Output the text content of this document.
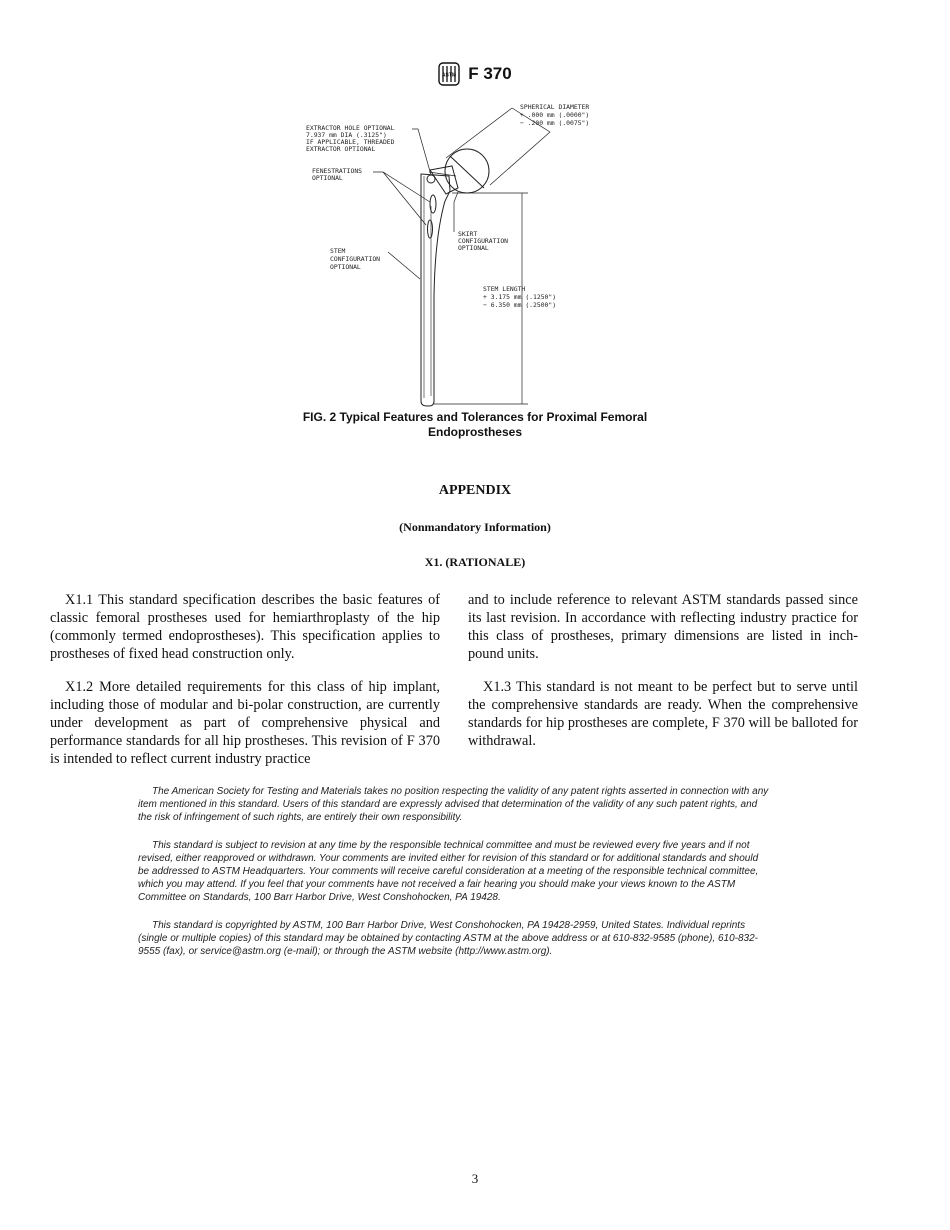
ASTM F 370
SPHERICAL DIAMETER
+ .000 mm (.0000")
− .200 mm (.0075")
EXTRACTOR HOLE OPTIONAL
7.937 mm DIA (.3125")
IF APPLICABLE, THREADED
EXTRACTOR OPTIONAL
FENESTRATIONS
OPTIONAL
SKIRT
CONFIGURATION
OPTIONAL
STEM
CONFIGURATION
OPTIONAL
STEM LENGTH
+ 3.175 mm (.1250")
− 6.350 mm (.2500")
FIG. 2 Typical Features and Tolerances for Proximal Femoral
Endoprostheses
APPENDIX
(Nonmandatory Information)
X1. (RATIONALE)

X1.1 This standard specification describes the basic features of classic femoral prostheses used for hemiarthroplasty of the hip (commonly termed endoprostheses). This specification applies to prostheses of fixed head construction only.

X1.2 More detailed requirements for this class of hip implant, including those of modular and bi-polar construction, are currently under development as part of comprehensive physical and performance standards for all hip prostheses. This revision of F 370 is intended to reflect current industry practice

and to include reference to relevant ASTM standards passed since its last revision. In accordance with reflecting industry practice for this class of prostheses, primary dimensions are listed in inch-pound units.

X1.3 This standard is not meant to be perfect but to serve until the comprehensive standards are ready. When the comprehensive standards for hip prostheses are complete, F 370 will be balloted for withdrawal.

The American Society for Testing and Materials takes no position respecting the validity of any patent rights asserted in connection with any item mentioned in this standard. Users of this standard are expressly advised that determination of the validity of any such patent rights, and the risk of infringement of such rights, are entirely their own responsibility.

This standard is subject to revision at any time by the responsible technical committee and must be reviewed every five years and if not revised, either reapproved or withdrawn. Your comments are invited either for revision of this standard or for additional standards and should be addressed to ASTM Headquarters. Your comments will receive careful consideration at a meeting of the responsible technical committee, which you may attend. If you feel that your comments have not received a fair hearing you should make your views known to the ASTM Committee on Standards, 100 Barr Harbor Drive, West Conshohocken, PA 19428.

This standard is copyrighted by ASTM, 100 Barr Harbor Drive, West Conshohocken, PA 19428-2959, United States. Individual reprints (single or multiple copies) of this standard may be obtained by contacting ASTM at the above address or at 610-832-9585 (phone), 610-832-9555 (fax), or service@astm.org (e-mail); or through the ASTM website (http://www.astm.org).

3
